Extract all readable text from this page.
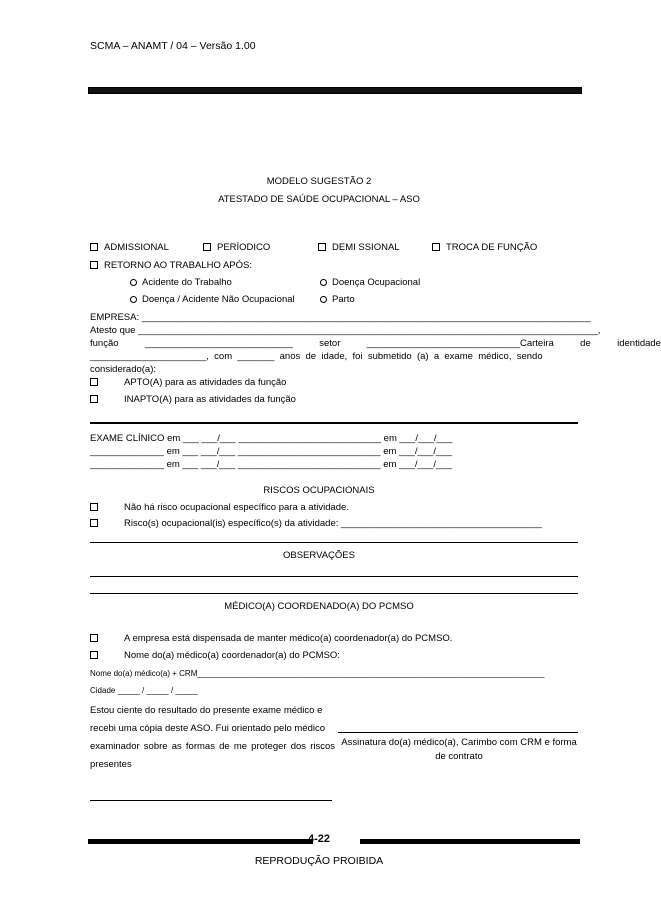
SCMA – ANAMT / 04 – Versão 1.00
MODELO SUGESTÃO 2
ATESTADO DE SAÚDE OCUPACIONAL – ASO
ADMISSIONAL	PERÍODICO	DEMI SSIONAL	TROCA DE FUNÇÃO
RETORNO AO TRABALHO APÓS:
Acidente do Trabalho	Doença Ocupacional
Doença / Acidente Não Ocupacional	Parto
EMPRESA: _____________________________________________________________________________________
Atesto que _______________________________________________________________________________________,
função          ____________________________          setor          _____________________________Carteira          de          identidade
______________________,  com  _______  anos  de  idade,  foi  submetido  (a)  a  exame  médico,  sendo
considerado(a):
APTO(A) para as atividades da função
INAPTO(A) para as atividades da função
EXAME CLÍNICO em ___ ___/___ ___________________________ em ___/___/___
______________ em ___ ___/___ ___________________________ em ___/___/___
______________ em ___ ___/___ ___________________________ em ___/___/___
RISCOS OCUPACIONAIS
Não há risco ocupacional específico para a atividade.
Risco(s) ocupacional(is) específico(s) da atividade: ______________________________________
OBSERVAÇÕES
MÉDICO(A) COORDENADO(A) DO PCMSO
A empresa está dispensada de manter médico(a) coordenador(a) do PCMSO.
Nome do(a) médico(a) coordenador(a) do PCMSO:
Nome do(a) médico(a) + CRM______________________________________________________________________________
Cidade _____ / _____ / _____
Estou ciente do resultado do presente exame médico e
recebi uma cópia deste ASO. Fui orientado pelo médico
examinador sobre as formas de me proteger dos riscos
presentes
Assinatura do(a) médico(a), Carimbo com CRM e forma
de contrato
4-22
REPRODUÇÃO PROIBIDA
